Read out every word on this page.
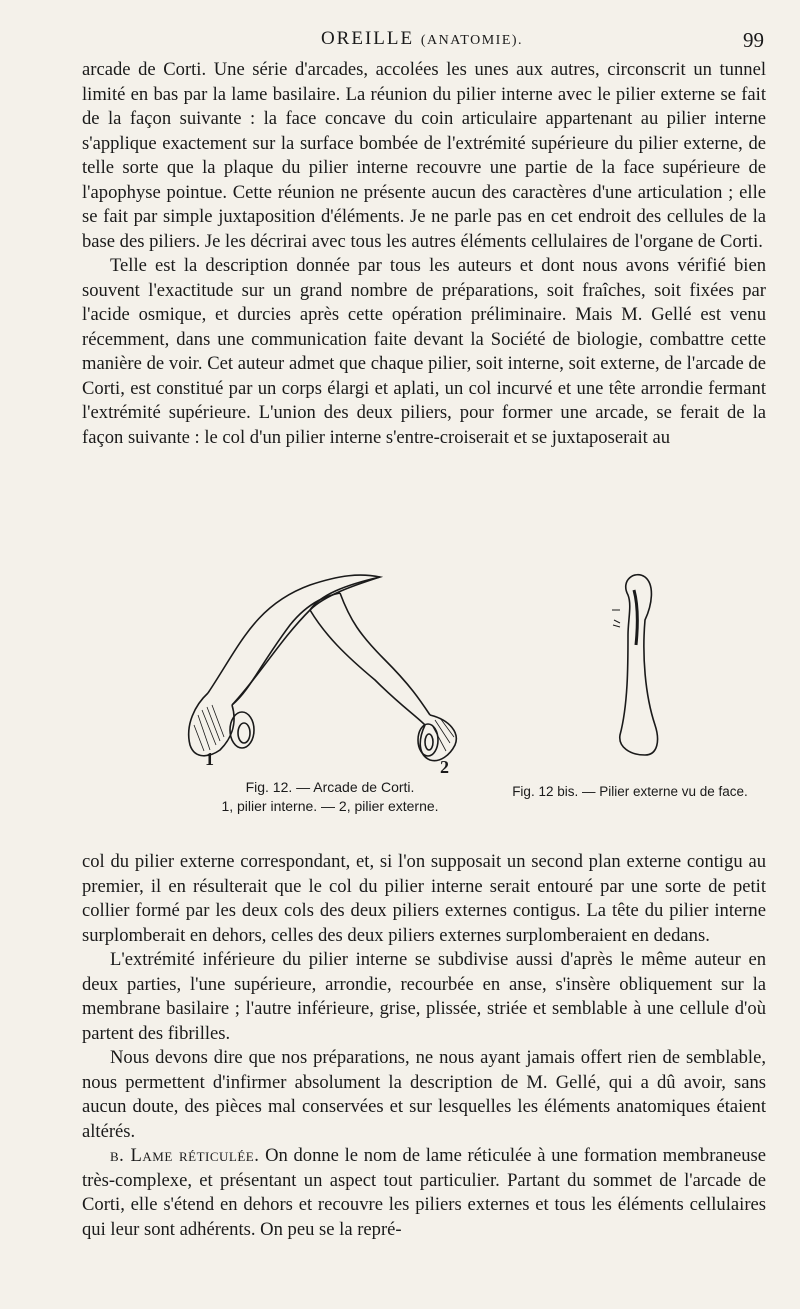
OREILLE (ANATOMIE).	99

arcade de Corti. Une série d'arcades, accolées les unes aux autres, circonscrit un tunnel limité en bas par la lame basilaire. La réunion du pilier interne avec le pilier externe se fait de la façon suivante : la face concave du coin articulaire appartenant au pilier interne s'applique exactement sur la surface bombée de l'extrémité supérieure du pilier externe, de telle sorte que la plaque du pilier interne recouvre une partie de la face supérieure de l'apophyse pointue. Cette réunion ne présente aucun des caractères d'une articulation ; elle se fait par simple juxtaposition d'éléments. Je ne parle pas en cet endroit des cellules de la base des piliers. Je les décrirai avec tous les autres éléments cellulaires de l'organe de Corti.

Telle est la description donnée par tous les auteurs et dont nous avons vérifié bien souvent l'exactitude sur un grand nombre de préparations, soit fraîches, soit fixées par l'acide osmique, et durcies après cette opération préliminaire. Mais M. Gellé est venu récemment, dans une communication faite devant la Société de biologie, combattre cette manière de voir. Cet auteur admet que chaque pilier, soit interne, soit externe, de l'arcade de Corti, est constitué par un corps élargi et aplati, un col incurvé et une tête arrondie fermant l'extrémité supérieure. L'union des deux piliers, pour former une arcade, se ferait de la façon suivante : le col d'un pilier interne s'entre-croiserait et se juxtaposerait au

1	2
Fig. 12. — Arcade de Corti.
1, pilier interne. — 2, pilier externe.
Fig. 12 bis. — Pilier externe vu de face.

col du pilier externe correspondant, et, si l'on supposait un second plan externe contigu au premier, il en résulterait que le col du pilier interne serait entouré par une sorte de petit collier formé par les deux cols des deux piliers externes contigus. La tête du pilier interne surplomberait en dehors, celles des deux piliers externes surplomberaient en dedans.

L'extrémité inférieure du pilier interne se subdivise aussi d'après le même auteur en deux parties, l'une supérieure, arrondie, recourbée en anse, s'insère obliquement sur la membrane basilaire ; l'autre inférieure, grise, plissée, striée et semblable à une cellule d'où partent des fibrilles.

Nous devons dire que nos préparations, ne nous ayant jamais offert rien de semblable, nous permettent d'infirmer absolument la description de M. Gellé, qui a dû avoir, sans aucun doute, des pièces mal conservées et sur lesquelles les éléments anatomiques étaient altérés.

β. Lame réticulée. On donne le nom de lame réticulée à une formation membraneuse très-complexe, et présentant un aspect tout particulier. Partant du sommet de l'arcade de Corti, elle s'étend en dehors et recouvre les piliers externes et tous les éléments cellulaires qui leur sont adhérents. On peu se la repré-
